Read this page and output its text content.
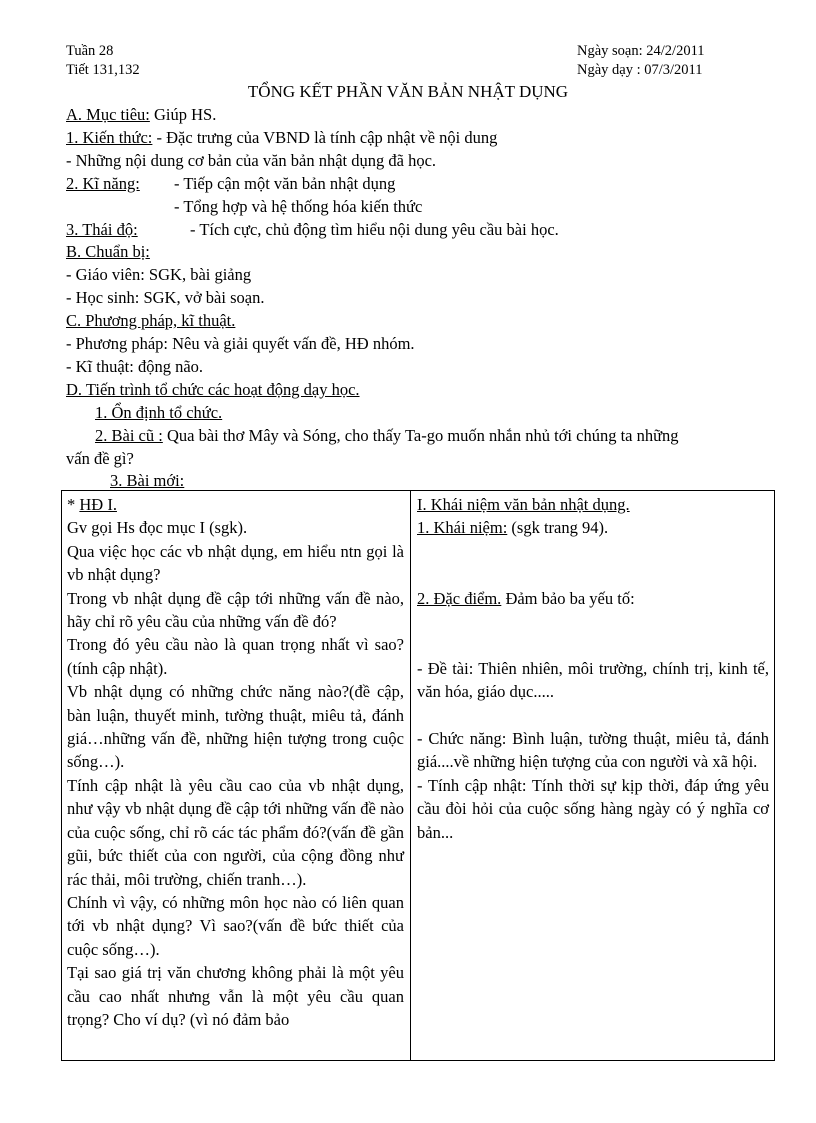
Tuần 28
Tiết 131,132
Ngày soạn: 24/2/2011
Ngày dạy : 07/3/2011
TỔNG KẾT PHẦN VĂN BẢN NHẬT DỤNG
A. Mục tiêu: Giúp HS.
1. Kiến thức: - Đặc trưng của VBND là tính cập nhật về nội dung
- Những nội dung cơ bản của văn bản nhật dụng đã học.
2. Kĩ năng: - Tiếp cận một văn bản nhật dụng
- Tổng hợp và hệ thống hóa kiến thức
3. Thái độ:	- Tích cực, chủ động tìm hiểu nội dung yêu cầu bài học.
B. Chuẩn bị:
- Giáo viên: SGK, bài giảng
- Học sinh: SGK, vở bài soạn.
C. Phương pháp, kĩ thuật.
- Phương pháp: Nêu và giải quyết vấn đề, HĐ nhóm.
- Kĩ thuật: động não.
D. Tiến trình tổ chức các hoạt động dạy học.
1. Ổn định tổ chức.
2. Bài cũ : Qua bài thơ Mây và Sóng, cho thấy Ta-go muốn nhắn nhủ tới chúng ta những
vấn đề gì?
3. Bài mới:

* HĐ I.

Gv gọi Hs đọc mục I (sgk).

Qua việc học các vb nhật dụng, em hiểu ntn gọi là vb nhật dụng?

Trong vb nhật dụng đề cập tới những vấn đề nào, hãy chỉ rõ yêu cầu của những vấn đề đó?

Trong đó yêu cầu nào là quan trọng nhất vì sao?(tính cập nhật).

Vb nhật dụng có những chức năng nào?(đề cập, bàn luận, thuyết minh, tường thuật, miêu tả, đánh giá…những vấn đề, những hiện tượng trong cuộc sống…).

Tính cập nhật là yêu cầu cao của vb nhật dụng, như vậy vb nhật dụng đề cập tới những vấn đề nào của cuộc sống, chỉ rõ các tác phẩm đó?(vấn đề gần gũi, bức thiết của con người, của cộng đồng như rác thải, môi trường, chiến tranh…).

Chính vì vậy, có những môn học nào có liên quan tới vb nhật dụng? Vì sao?(vấn đề bức thiết của cuộc sống…).

Tại sao giá trị văn chương không phải là một yêu cầu cao nhất nhưng vẫn là một yêu cầu quan trọng? Cho ví dụ? (vì nó đảm bảo

I. Khái niệm văn bản nhật dụng.

1. Khái niệm: (sgk trang 94).

2. Đặc điểm. Đảm bảo ba yếu tố:

- Đề tài: Thiên nhiên, môi trường, chính trị, kinh tế, văn hóa, giáo dục.....

- Chức năng: Bình luận, tường thuật, miêu tả, đánh giá....về những hiện tượng của con người và xã hội.

- Tính cập nhật: Tính thời sự kịp thời, đáp ứng yêu cầu đòi hỏi của cuộc sống hàng ngày có ý nghĩa cơ bản...
